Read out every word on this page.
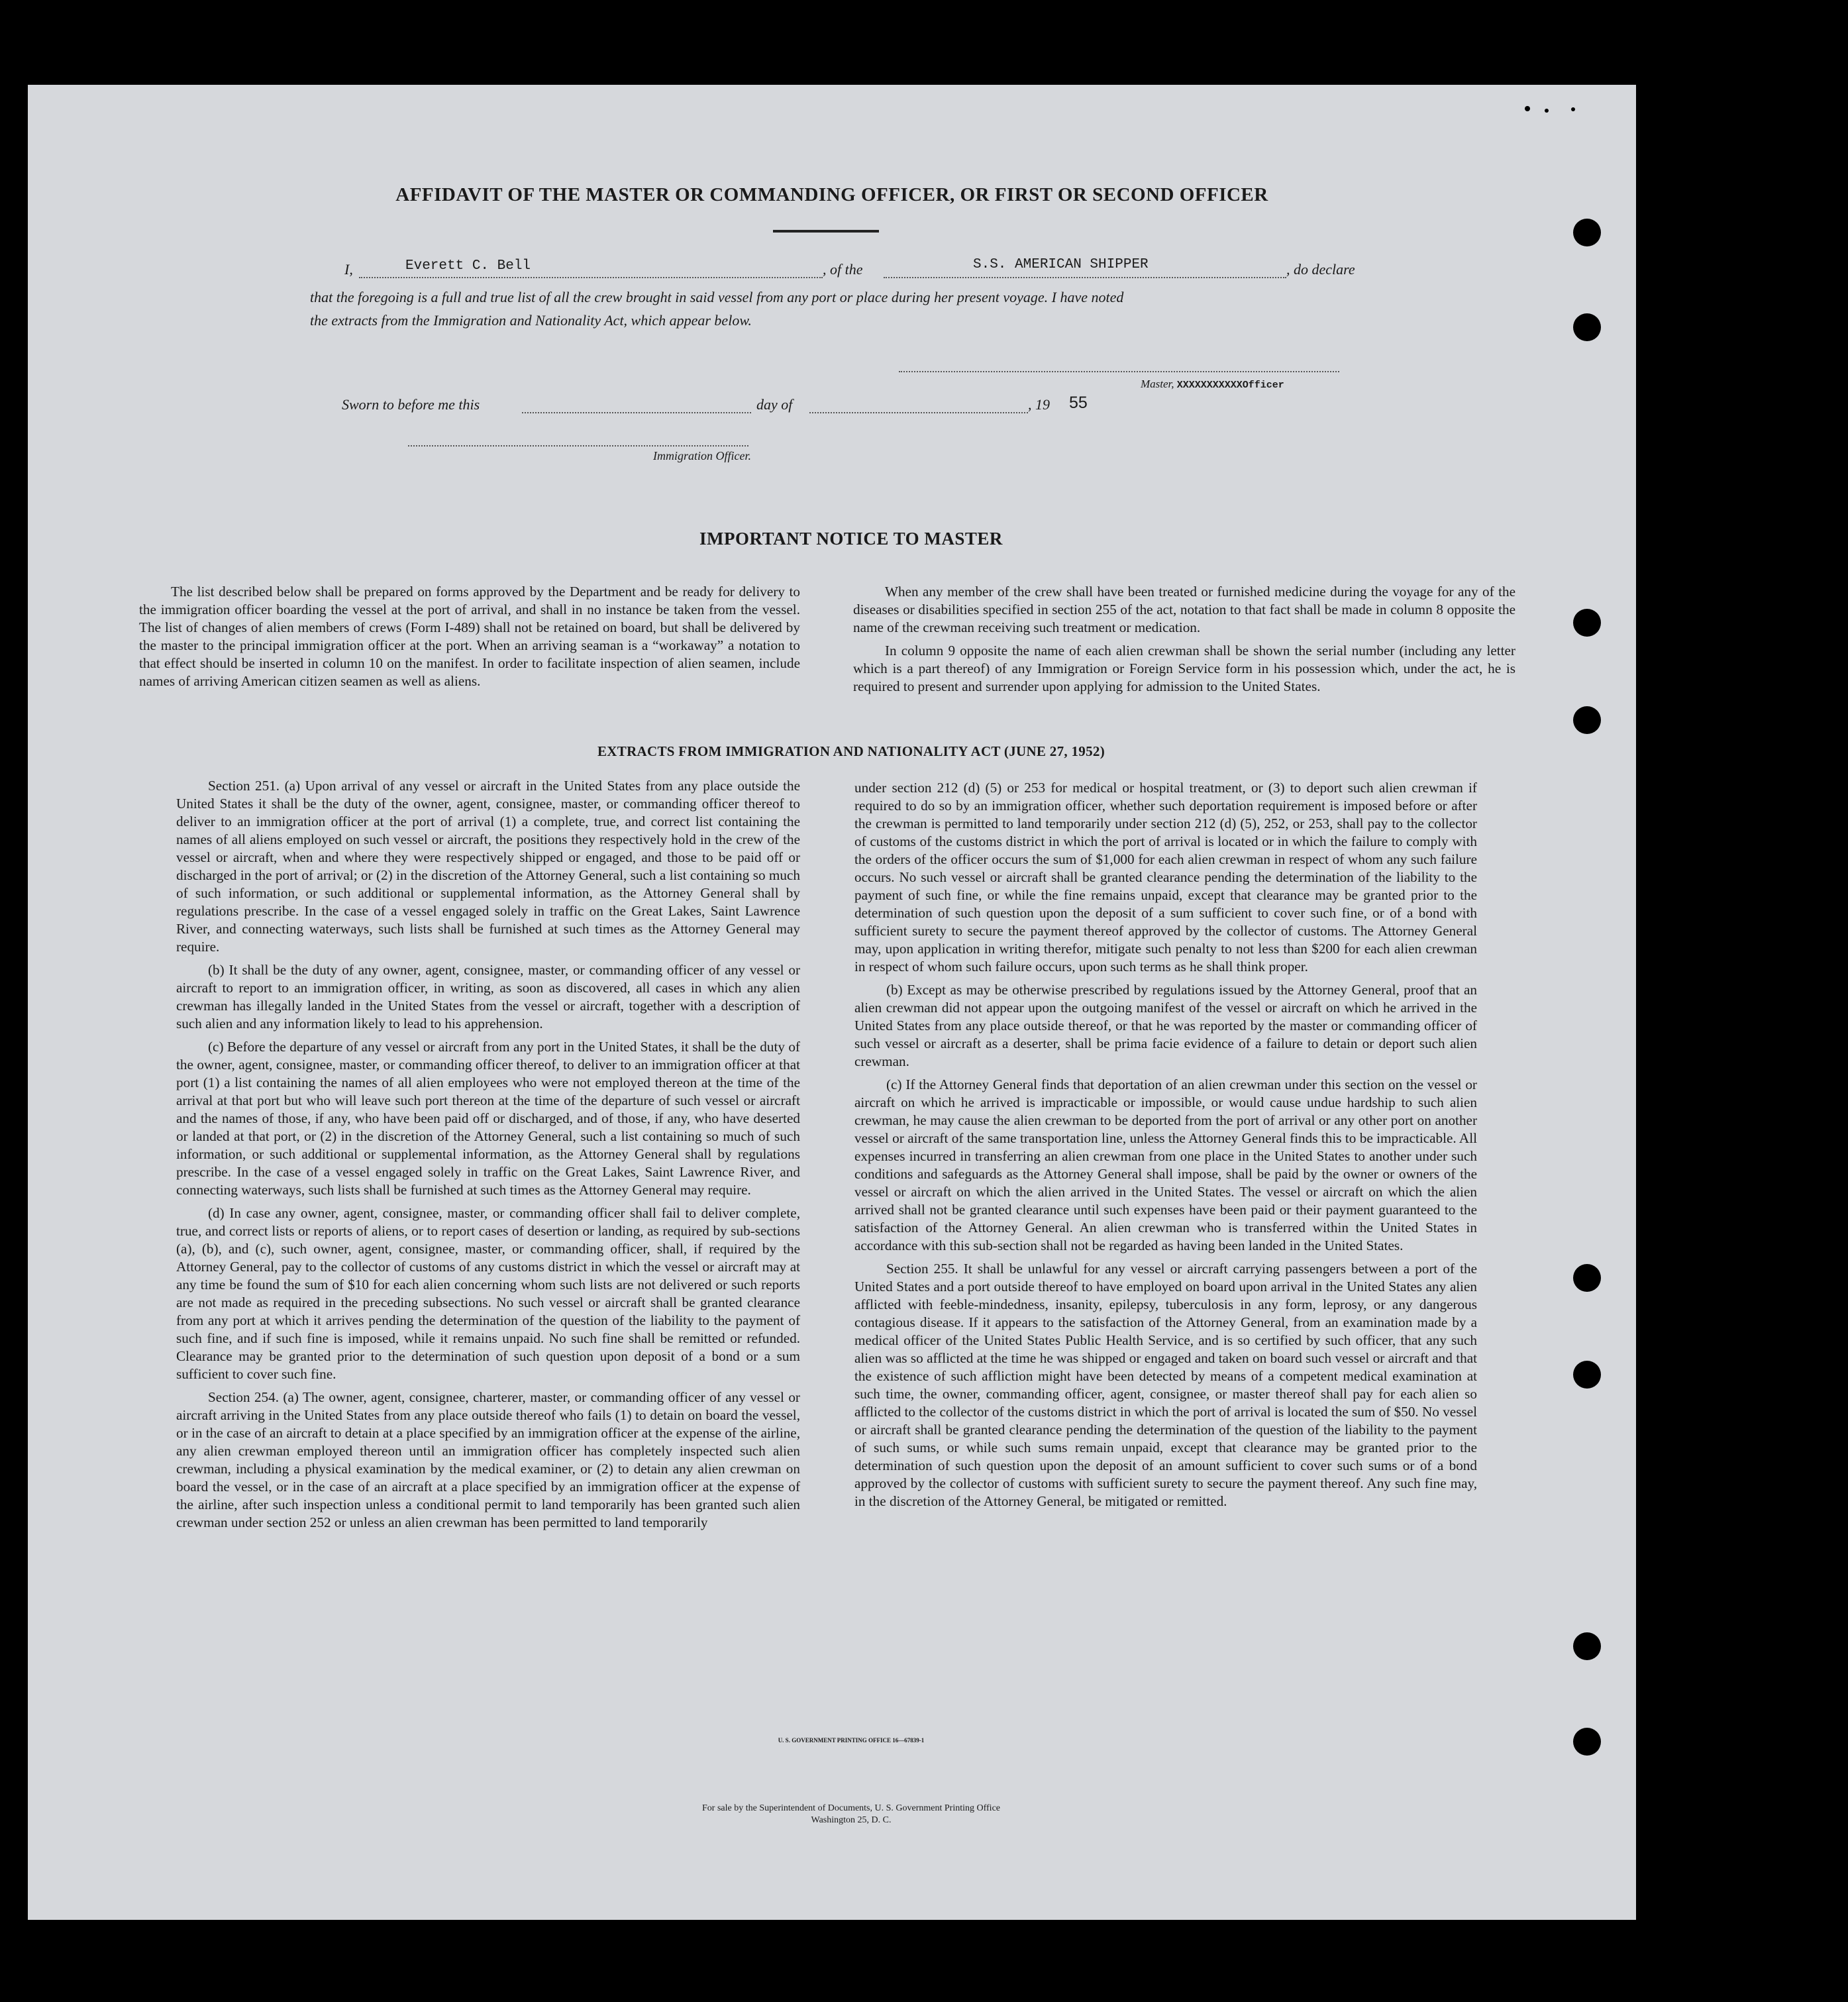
AFFIDAVIT OF THE MASTER OR COMMANDING OFFICER, OR FIRST OR SECOND OFFICER
I,	Everett C. Bell	, of the	S.S. AMERICAN SHIPPER	, do declare
that the foregoing is a full and true list of all the crew brought in said vessel from any port or place during her present voyage. I have noted
the extracts from the Immigration and Nationality Act, which appear below.
Master, XXXXXXXXXXXOfficer
Sworn to before me this	day of	, 19 55
Immigration Officer.
IMPORTANT NOTICE TO MASTER

The list described below shall be prepared on forms approved by the Department and be ready for delivery to the immigration officer boarding the vessel at the port of arrival, and shall in no instance be taken from the vessel. The list of changes of alien members of crews (Form I-489) shall not be retained on board, but shall be delivered by the master to the principal immigration officer at the port. When an arriving seaman is a “workaway” a notation to that effect should be inserted in column 10 on the manifest. In order to facilitate inspection of alien seamen, include names of arriving American citizen seamen as well as aliens.

When any member of the crew shall have been treated or furnished medicine during the voyage for any of the diseases or disabilities specified in section 255 of the act, notation to that fact shall be made in column 8 opposite the name of the crewman receiving such treatment or medication.

In column 9 opposite the name of each alien crewman shall be shown the serial number (including any letter which is a part thereof) of any Immigration or Foreign Service form in his possession which, under the act, he is required to present and surrender upon applying for admission to the United States.

EXTRACTS FROM IMMIGRATION AND NATIONALITY ACT (JUNE 27, 1952)

Section 251. (a) Upon arrival of any vessel or aircraft in the United States from any place outside the United States it shall be the duty of the owner, agent, consignee, master, or commanding officer thereof to deliver to an immigration officer at the port of arrival (1) a complete, true, and correct list containing the names of all aliens employed on such vessel or aircraft, the positions they respectively hold in the crew of the vessel or aircraft, when and where they were respectively shipped or engaged, and those to be paid off or discharged in the port of arrival; or (2) in the discretion of the Attorney General, such a list containing so much of such information, or such additional or supplemental information, as the Attorney General shall by regulations prescribe. In the case of a vessel engaged solely in traffic on the Great Lakes, Saint Lawrence River, and connecting waterways, such lists shall be furnished at such times as the Attorney General may require.

(b) It shall be the duty of any owner, agent, consignee, master, or commanding officer of any vessel or aircraft to report to an immigration officer, in writing, as soon as discovered, all cases in which any alien crewman has illegally landed in the United States from the vessel or aircraft, together with a description of such alien and any information likely to lead to his apprehension.

(c) Before the departure of any vessel or aircraft from any port in the United States, it shall be the duty of the owner, agent, consignee, master, or commanding officer thereof, to deliver to an immigration officer at that port (1) a list containing the names of all alien employees who were not employed thereon at the time of the arrival at that port but who will leave such port thereon at the time of the departure of such vessel or aircraft and the names of those, if any, who have been paid off or discharged, and of those, if any, who have deserted or landed at that port, or (2) in the discretion of the Attorney General, such a list containing so much of such information, or such additional or supplemental information, as the Attorney General shall by regulations prescribe. In the case of a vessel engaged solely in traffic on the Great Lakes, Saint Lawrence River, and connecting waterways, such lists shall be furnished at such times as the Attorney General may require.

(d) In case any owner, agent, consignee, master, or commanding officer shall fail to deliver complete, true, and correct lists or reports of aliens, or to report cases of desertion or landing, as required by sub-sections (a), (b), and (c), such owner, agent, consignee, master, or commanding officer, shall, if required by the Attorney General, pay to the collector of customs of any customs district in which the vessel or aircraft may at any time be found the sum of $10 for each alien concerning whom such lists are not delivered or such reports are not made as required in the preceding subsections. No such vessel or aircraft shall be granted clearance from any port at which it arrives pending the determination of the question of the liability to the payment of such fine, and if such fine is imposed, while it remains unpaid. No such fine shall be remitted or refunded. Clearance may be granted prior to the determination of such question upon deposit of a bond or a sum sufficient to cover such fine.

Section 254. (a) The owner, agent, consignee, charterer, master, or commanding officer of any vessel or aircraft arriving in the United States from any place outside thereof who fails (1) to detain on board the vessel, or in the case of an aircraft to detain at a place specified by an immigration officer at the expense of the airline, any alien crewman employed thereon until an immigration officer has completely inspected such alien crewman, including a physical examination by the medical examiner, or (2) to detain any alien crewman on board the vessel, or in the case of an aircraft at a place specified by an immigration officer at the expense of the airline, after such inspection unless a conditional permit to land temporarily has been granted such alien crewman under section 252 or unless an alien crewman has been permitted to land temporarily

under section 212 (d) (5) or 253 for medical or hospital treatment, or (3) to deport such alien crewman if required to do so by an immigration officer, whether such deportation requirement is imposed before or after the crewman is permitted to land temporarily under section 212 (d) (5), 252, or 253, shall pay to the collector of customs of the customs district in which the port of arrival is located or in which the failure to comply with the orders of the officer occurs the sum of $1,000 for each alien crewman in respect of whom any such failure occurs. No such vessel or aircraft shall be granted clearance pending the determination of the liability to the payment of such fine, or while the fine remains unpaid, except that clearance may be granted prior to the determination of such question upon the deposit of a sum sufficient to cover such fine, or of a bond with sufficient surety to secure the payment thereof approved by the collector of customs. The Attorney General may, upon application in writing therefor, mitigate such penalty to not less than $200 for each alien crewman in respect of whom such failure occurs, upon such terms as he shall think proper.

(b) Except as may be otherwise prescribed by regulations issued by the Attorney General, proof that an alien crewman did not appear upon the outgoing manifest of the vessel or aircraft on which he arrived in the United States from any place outside thereof, or that he was reported by the master or commanding officer of such vessel or aircraft as a deserter, shall be prima facie evidence of a failure to detain or deport such alien crewman.

(c) If the Attorney General finds that deportation of an alien crewman under this section on the vessel or aircraft on which he arrived is impracticable or impossible, or would cause undue hardship to such alien crewman, he may cause the alien crewman to be deported from the port of arrival or any other port on another vessel or aircraft of the same transportation line, unless the Attorney General finds this to be impracticable. All expenses incurred in transferring an alien crewman from one place in the United States to another under such conditions and safeguards as the Attorney General shall impose, shall be paid by the owner or owners of the vessel or aircraft on which the alien arrived in the United States. The vessel or aircraft on which the alien arrived shall not be granted clearance until such expenses have been paid or their payment guaranteed to the satisfaction of the Attorney General. An alien crewman who is transferred within the United States in accordance with this sub-section shall not be regarded as having been landed in the United States.

Section 255. It shall be unlawful for any vessel or aircraft carrying passengers between a port of the United States and a port outside thereof to have employed on board upon arrival in the United States any alien afflicted with feeble-mindedness, insanity, epilepsy, tuberculosis in any form, leprosy, or any dangerous contagious disease. If it appears to the satisfaction of the Attorney General, from an examination made by a medical officer of the United States Public Health Service, and is so certified by such officer, that any such alien was so afflicted at the time he was shipped or engaged and taken on board such vessel or aircraft and that the existence of such affliction might have been detected by means of a competent medical examination at such time, the owner, commanding officer, agent, consignee, or master thereof shall pay for each alien so afflicted to the collector of the customs district in which the port of arrival is located the sum of $50. No vessel or aircraft shall be granted clearance pending the determination of the question of the liability to the payment of such sums, or while such sums remain unpaid, except that clearance may be granted prior to the determination of such question upon the deposit of an amount sufficient to cover such sums or of a bond approved by the collector of customs with sufficient surety to secure the payment thereof. Any such fine may, in the discretion of the Attorney General, be mitigated or remitted.

U. S. GOVERNMENT PRINTING OFFICE 16—67839-1
For sale by the Superintendent of Documents, U. S. Government Printing Office
Washington 25, D. C.
